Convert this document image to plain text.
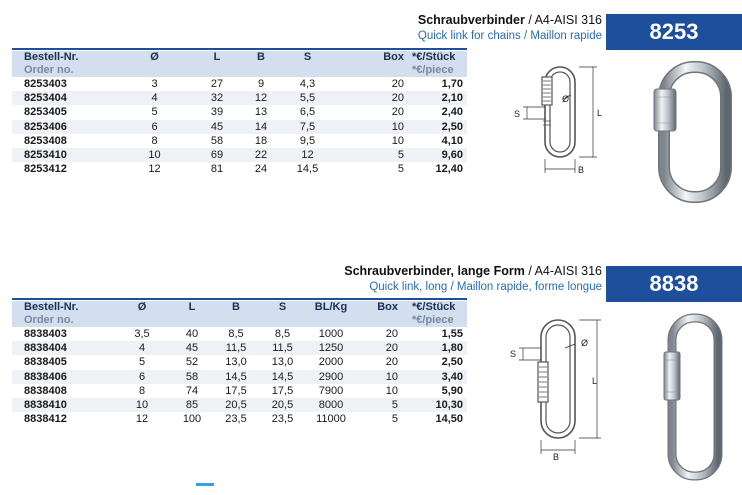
Schraubverbinder / A4-AISI 316
Quick link for chains / Maillon rapide	8253
Bestell-Nr.	Ø	L	B	S	Box	*€/Stück
Order no.						*€/piece
8253403	3	27	9	4,3	20	1,70
8253404	4	32	12	5,5	20	2,10
8253405	5	39	13	6,5	20	2,40
8253406	6	45	14	7,5	10	2,50
8253408	8	58	18	9,5	10	4,10
8253410	10	69	22	12	5	9,60
8253412	12	81	24	14,5	5	12,40
Ø
L
S
B
Schraubverbinder, lange Form / A4-AISI 316
Quick link, long / Maillon rapide, forme longue	8838
Bestell-Nr.	Ø	L	B	S	BL/Kg	Box	*€/Stück
Order no.							*€/piece
8838403	3,5	40	8,5	8,5	1000	20	1,55
8838404	4	45	11,5	11,5	1250	20	1,80
8838405	5	52	13,0	13,0	2000	20	2,50
8838406	6	58	14,5	14,5	2900	10	3,40
8838408	8	74	17,5	17,5	7900	10	5,90
8838410	10	85	20,5	20,5	8000	5	10,30
8838412	12	100	23,5	23,5	11000	5	14,50
Ø
L
S
B
